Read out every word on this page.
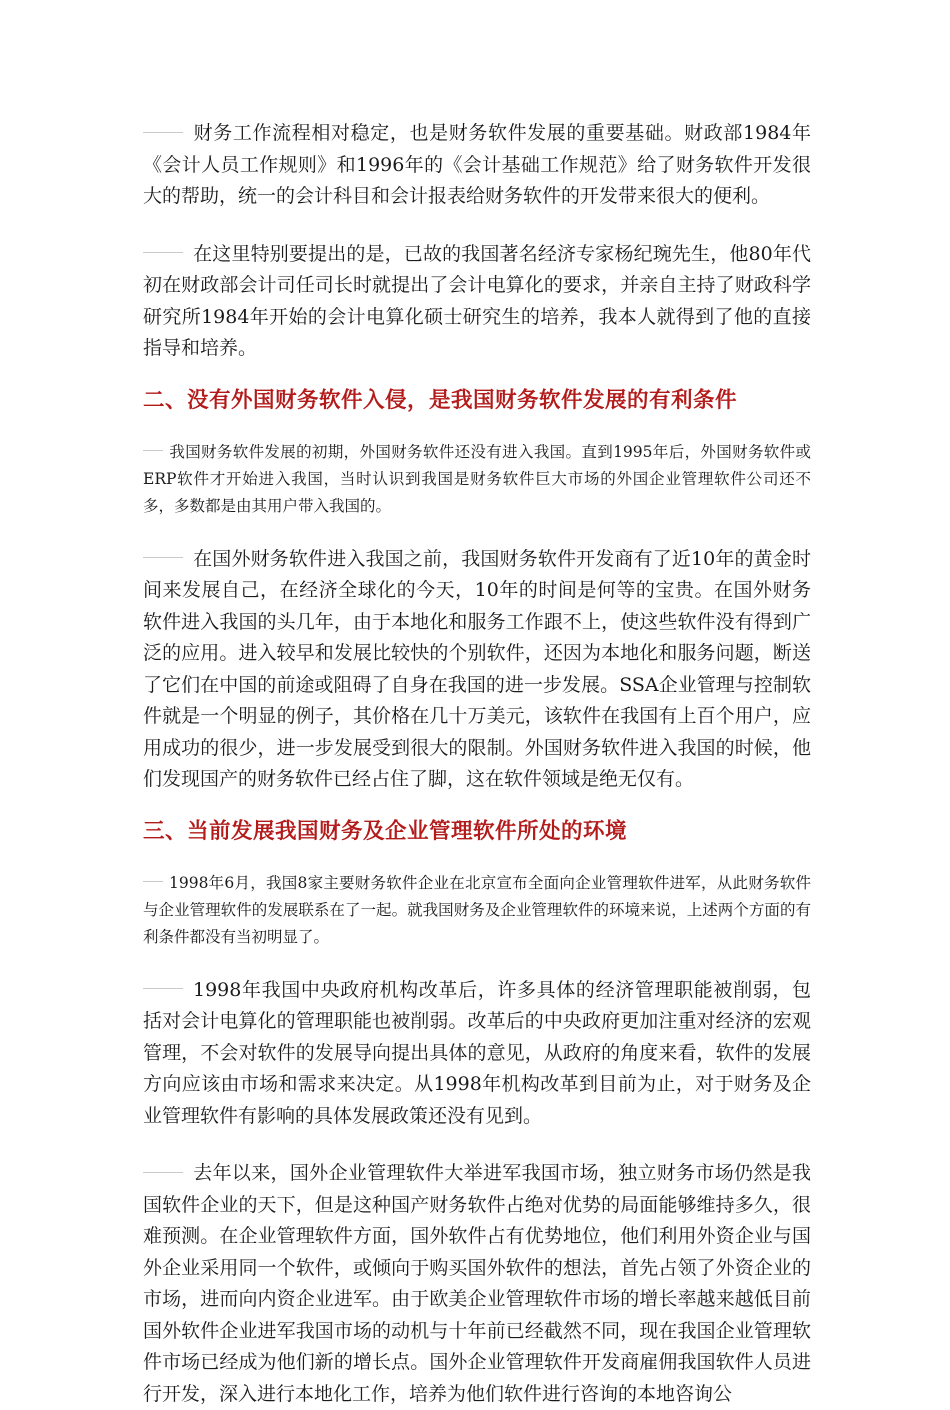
财务工作流程相对稳定，也是财务软件发展的重要基础。财政部1984年《会计人员工作规则》和1996年的《会计基础工作规范》给了财务软件开发很大的帮助，统一的会计科目和会计报表给财务软件的开发带来很大的便利。

在这里特别要提出的是，已故的我国著名经济专家杨纪琬先生，他80年代初在财政部会计司任司长时就提出了会计电算化的要求，并亲自主持了财政科学研究所1984年开始的会计电算化硕士研究生的培养，我本人就得到了他的直接指导和培养。

二、没有外国财务软件入侵，是我国财务软件发展的有利条件

我国财务软件发展的初期，外国财务软件还没有进入我国。直到1995年后，外国财务软件或ERP软件才开始进入我国，当时认识到我国是财务软件巨大市场的外国企业管理软件公司还不多，多数都是由其用户带入我国的。

在国外财务软件进入我国之前，我国财务软件开发商有了近10年的黄金时间来发展自己，在经济全球化的今天，10年的时间是何等的宝贵。在国外财务软件进入我国的头几年，由于本地化和服务工作跟不上，使这些软件没有得到广泛的应用。进入较早和发展比较快的个别软件，还因为本地化和服务问题，断送了它们在中国的前途或阻碍了自身在我国的进一步发展。SSA企业管理与控制软件就是一个明显的例子，其价格在几十万美元，该软件在我国有上百个用户，应用成功的很少，进一步发展受到很大的限制。外国财务软件进入我国的时候，他们发现国产的财务软件已经占住了脚，这在软件领域是绝无仅有。

三、当前发展我国财务及企业管理软件所处的环境

1998年6月，我国8家主要财务软件企业在北京宣布全面向企业管理软件进军，从此财务软件与企业管理软件的发展联系在了一起。就我国财务及企业管理软件的环境来说，上述两个方面的有利条件都没有当初明显了。

1998年我国中央政府机构改革后，许多具体的经济管理职能被削弱，包括对会计电算化的管理职能也被削弱。改革后的中央政府更加注重对经济的宏观管理，不会对软件的发展导向提出具体的意见，从政府的角度来看，软件的发展方向应该由市场和需求来决定。从1998年机构改革到目前为止，对于财务及企业管理软件有影响的具体发展政策还没有见到。

去年以来，国外企业管理软件大举进军我国市场，独立财务市场仍然是我国软件企业的天下，但是这种国产财务软件占绝对优势的局面能够维持多久，很难预测。在企业管理软件方面，国外软件占有优势地位，他们利用外资企业与国外企业采用同一个软件，或倾向于购买国外软件的想法，首先占领了外资企业的市场，进而向内资企业进军。由于欧美企业管理软件市场的增长率越来越低目前国外软件企业进军我国市场的动机与十年前已经截然不同，现在我国企业管理软件市场已经成为他们新的增长点。国外企业管理软件开发商雇佣我国软件人员进行开发，深入进行本地化工作，培养为他们软件进行咨询的本地咨询公
